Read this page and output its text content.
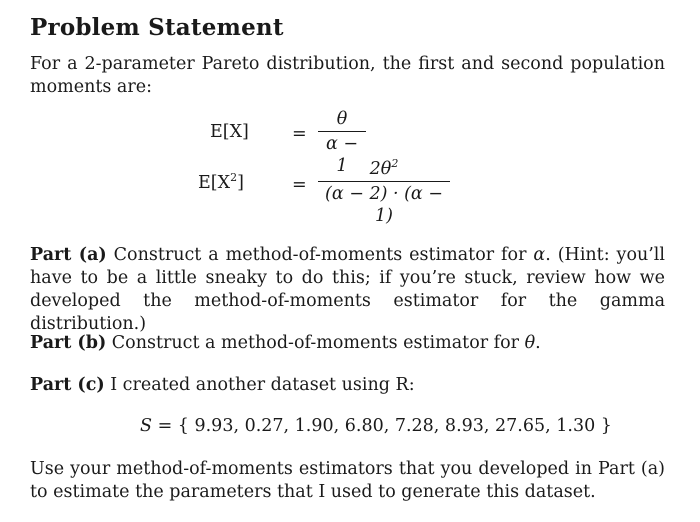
Problem Statement
For a 2-parameter Pareto distribution, the first and second population moments are:
E[X] =
θ
α − 1
$E[X^2]$	=
$2\theta^2$
(α − 2) · (α − 1)
Part (a) Construct a method-of-moments estimator for α. (Hint: you’ll have to be a little sneaky to do this; if you’re stuck, review how we developed the method-of-moments estimator for the gamma distribution.)
Part (b) Construct a method-of-moments estimator for θ.
Part (c) I created another dataset using R:
S = { 9.93, 0.27, 1.90, 6.80, 7.28, 8.93, 27.65, 1.30 }
Use your method-of-moments estimators that you developed in Part (a) to estimate the parameters that I used to generate this dataset.
